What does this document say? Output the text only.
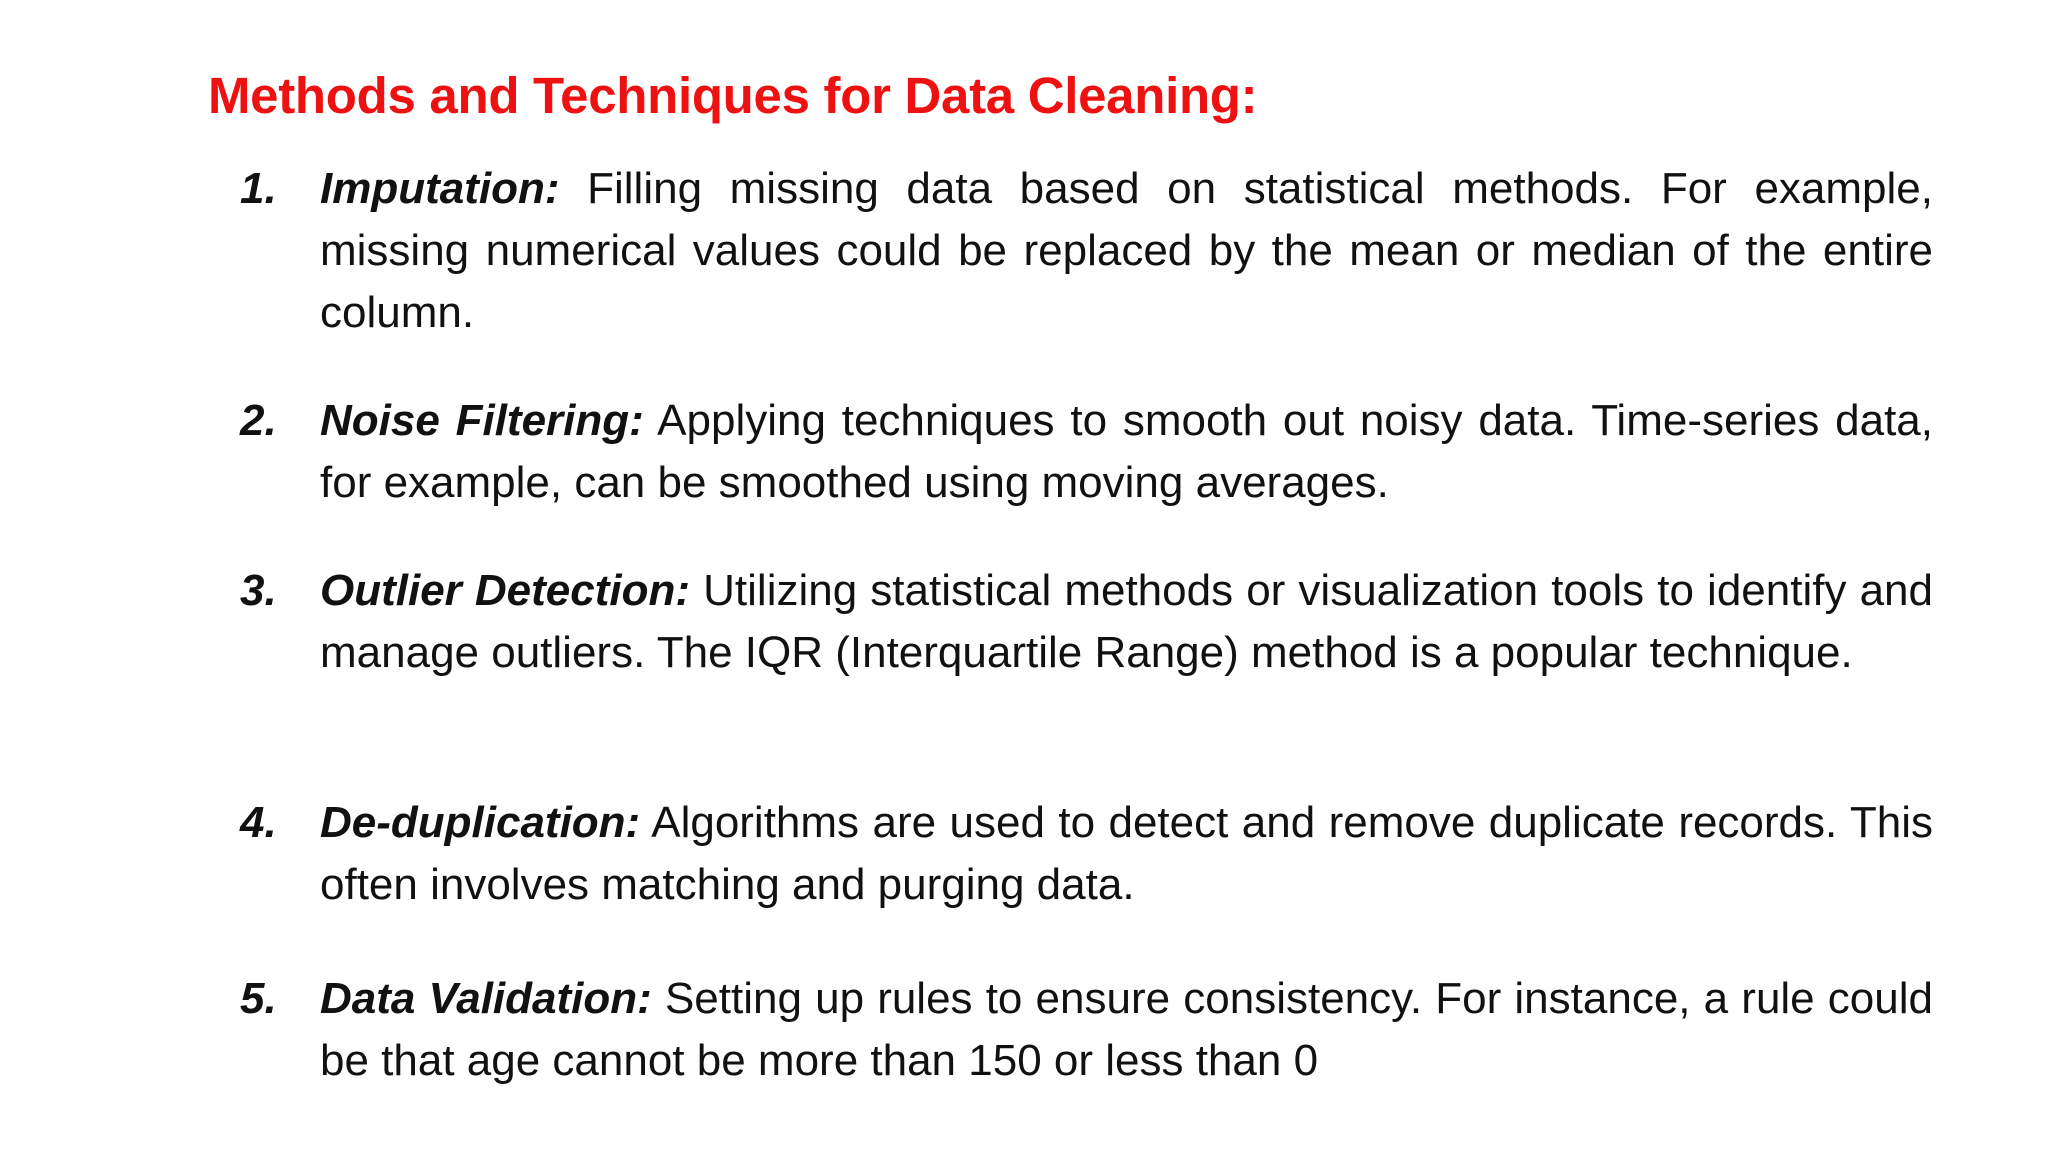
Methods and Techniques for Data Cleaning:
1. Imputation: Filling missing data based on statistical methods. For example, missing numerical values could be replaced by the mean or median of the entire column.
2. Noise Filtering: Applying techniques to smooth out noisy data. Time-series data, for example, can be smoothed using moving averages.
3. Outlier Detection: Utilizing statistical methods or visualization tools to identify and manage outliers. The IQR (Interquartile Range) method is a popular technique.
4. De-duplication: Algorithms are used to detect and remove duplicate records. This often involves matching and purging data.
5. Data Validation: Setting up rules to ensure consistency. For instance, a rule could be that age cannot be more than 150 or less than 0
